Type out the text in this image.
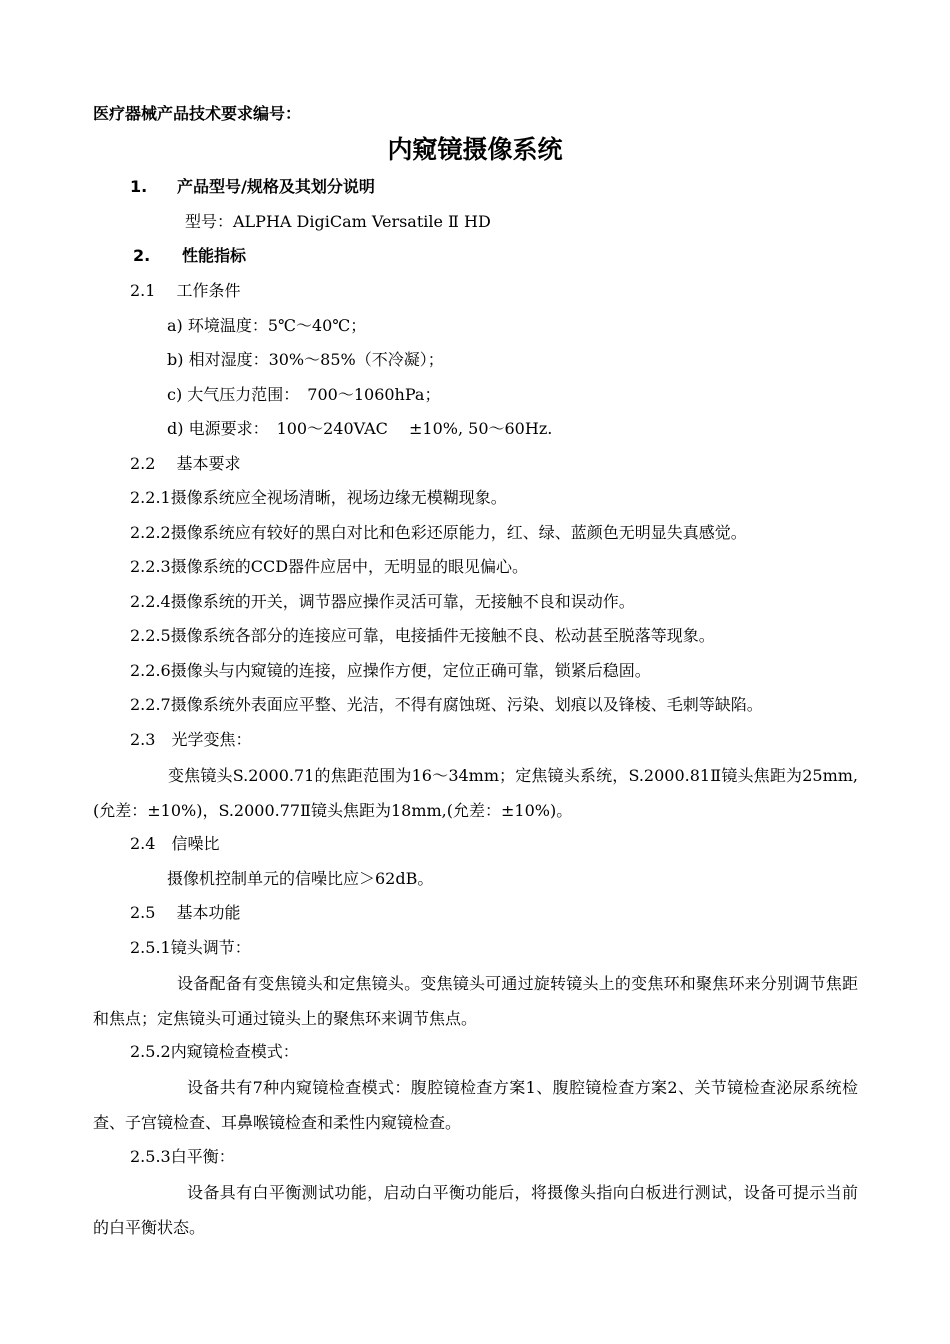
医疗器械产品技术要求编号：
内窥镜摄像系统
1. 产品型号/规格及其划分说明
型号：ALPHA DigiCam Versatile Ⅱ HD
2. 性能指标
2.1　 工作条件
a) 环境温度：5℃～40℃；
b) 相对湿度：30%～85%（不冷凝）；
c) 大气压力范围：　700～1060hPa；
d) 电源要求：　100～240VAC　 ±10%, 50～60Hz.
2.2　 基本要求
2.2.1摄像系统应全视场清晰，视场边缘无模糊现象。
2.2.2摄像系统应有较好的黑白对比和色彩还原能力，红、绿、蓝颜色无明显失真感觉。
2.2.3摄像系统的CCD器件应居中，无明显的眼见偏心。
2.2.4摄像系统的开关，调节器应操作灵活可靠，无接触不良和误动作。
2.2.5摄像系统各部分的连接应可靠，电接插件无接触不良、松动甚至脱落等现象。
2.2.6摄像头与内窥镜的连接，应操作方便，定位正确可靠，锁紧后稳固。
2.2.7摄像系统外表面应平整、光洁，不得有腐蚀斑、污染、划痕以及锋棱、毛刺等缺陷。
2.3　光学变焦：
变焦镜头S.2000.71的焦距范围为16～34mm；定焦镜头系统，S.2000.81Ⅱ镜头焦距为25mm,(允差：±10%)，S.2000.77Ⅱ镜头焦距为18mm,(允差：±10%)。
2.4　信噪比
摄像机控制单元的信噪比应＞62dB。
2.5　 基本功能
2.5.1镜头调节：
设备配备有变焦镜头和定焦镜头。变焦镜头可通过旋转镜头上的变焦环和聚焦环来分别调节焦距和焦点；定焦镜头可通过镜头上的聚焦环来调节焦点。
2.5.2内窥镜检查模式：
设备共有7种内窥镜检查模式：腹腔镜检查方案1、腹腔镜检查方案2、关节镜检查泌尿系统检查、子宫镜检查、耳鼻喉镜检查和柔性内窥镜检查。
2.5.3白平衡：
设备具有白平衡测试功能，启动白平衡功能后，将摄像头指向白板进行测试，设备可提示当前的白平衡状态。
